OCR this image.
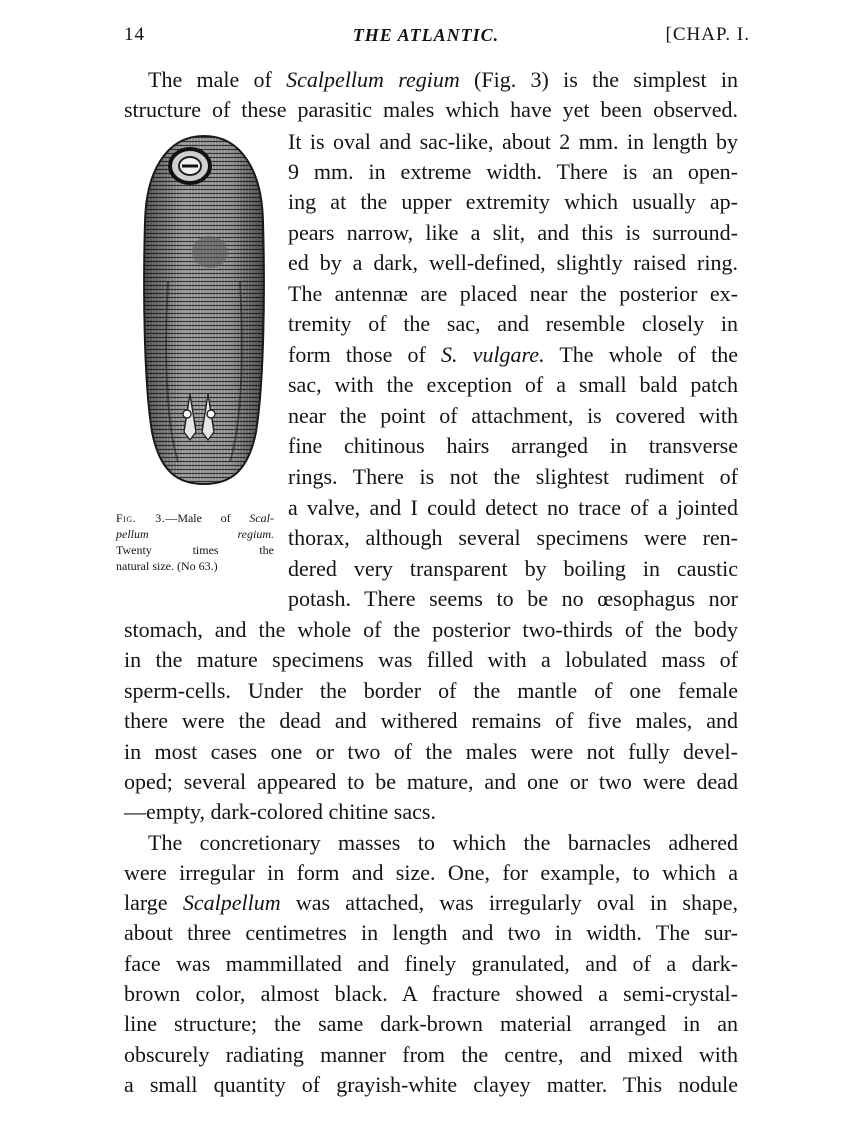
14	THE ATLANTIC.	[CHAP. I.
Fig. 3.—Male of Scal-
pellum	regium.
Twenty times the
natural size. (No 63.)
The male of Scalpellum regium (Fig. 3) is the simplest in
structure of these parasitic males which have yet been observed.
It is oval and sac-like, about 2 mm. in length by
9 mm. in extreme width. There is an open-
ing at the upper extremity which usually ap-
pears narrow, like a slit, and this is surround-
ed by a dark, well-defined, slightly raised ring.
The antennæ are placed near the posterior ex-
tremity of the sac, and resemble closely in
form those of S. vulgare. The whole of the
sac, with the exception of a small bald patch
near the point of attachment, is covered with
fine chitinous hairs arranged in transverse
rings. There is not the slightest rudiment of
a valve, and I could detect no trace of a jointed
thorax, although several specimens were ren-
dered very transparent by boiling in caustic
potash. There seems to be no œsophagus nor
stomach, and the whole of the posterior two-thirds of the body
in the mature specimens was filled with a lobulated mass of
sperm-cells. Under the border of the mantle of one female
there were the dead and withered remains of five males, and
in most cases one or two of the males were not fully devel-
oped; several appeared to be mature, and one or two were dead
—empty, dark-colored chitine sacs.
The concretionary masses to which the barnacles adhered
were irregular in form and size. One, for example, to which a
large Scalpellum was attached, was irregularly oval in shape,
about three centimetres in length and two in width. The sur-
face was mammillated and finely granulated, and of a dark-
brown color, almost black. A fracture showed a semi-crystal-
line structure; the same dark-brown material arranged in an
obscurely radiating manner from the centre, and mixed with
a small quantity of grayish-white clayey matter. This nodule
